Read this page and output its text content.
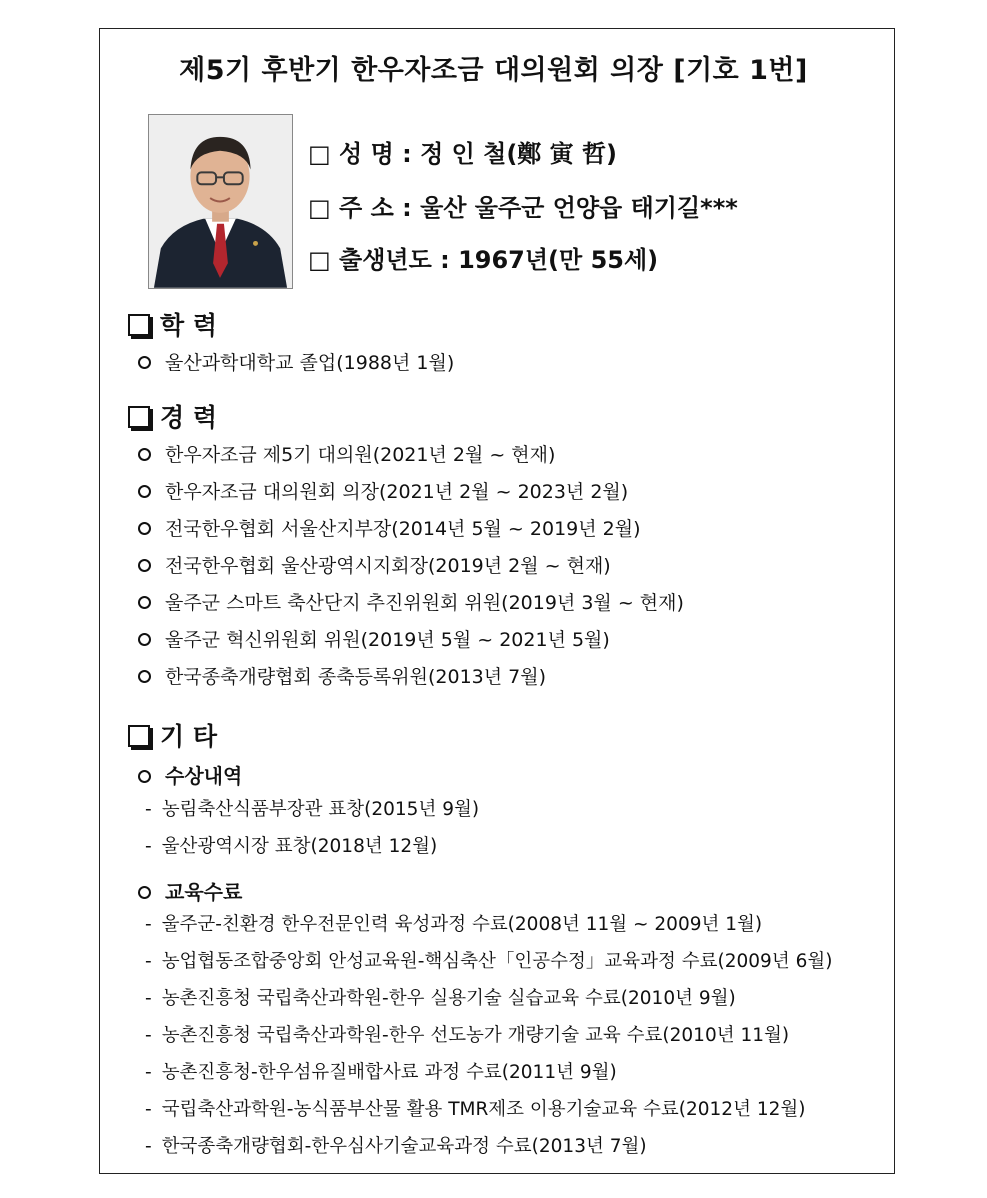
제5기 후반기 한우자조금 대의원회 의장 [기호 1번]
□ 성 명 : 정 인 철(鄭 寅 哲)
□ 주 소 : 울산 울주군 언양읍 태기길***
□ 출생년도 : 1967년(만 55세)
학 력
울산과학대학교 졸업(1988년 1월)
경 력
한우자조금 제5기 대의원(2021년 2월 ~ 현재)
한우자조금 대의원회 의장(2021년 2월 ~ 2023년 2월)
전국한우협회 서울산지부장(2014년 5월 ~ 2019년 2월)
전국한우협회 울산광역시지회장(2019년 2월 ~ 현재)
울주군 스마트 축산단지 추진위원회 위원(2019년 3월 ~ 현재)
울주군 혁신위원회 위원(2019년 5월 ~ 2021년 5월)
한국종축개량협회 종축등록위원(2013년 7월)
기 타
수상내역
- 농림축산식품부장관 표창(2015년 9월)
- 울산광역시장 표창(2018년 12월)
교육수료
- 울주군-친환경 한우전문인력 육성과정 수료(2008년 11월 ~ 2009년 1월)
- 농업협동조합중앙회 안성교육원-핵심축산「인공수정」교육과정 수료(2009년 6월)
- 농촌진흥청 국립축산과학원-한우 실용기술 실습교육 수료(2010년 9월)
- 농촌진흥청 국립축산과학원-한우 선도농가 개량기술 교육 수료(2010년 11월)
- 농촌진흥청-한우섬유질배합사료 과정 수료(2011년 9월)
- 국립축산과학원-농식품부산물 활용 TMR제조 이용기술교육 수료(2012년 12월)
- 한국종축개량협회-한우심사기술교육과정 수료(2013년 7월)
